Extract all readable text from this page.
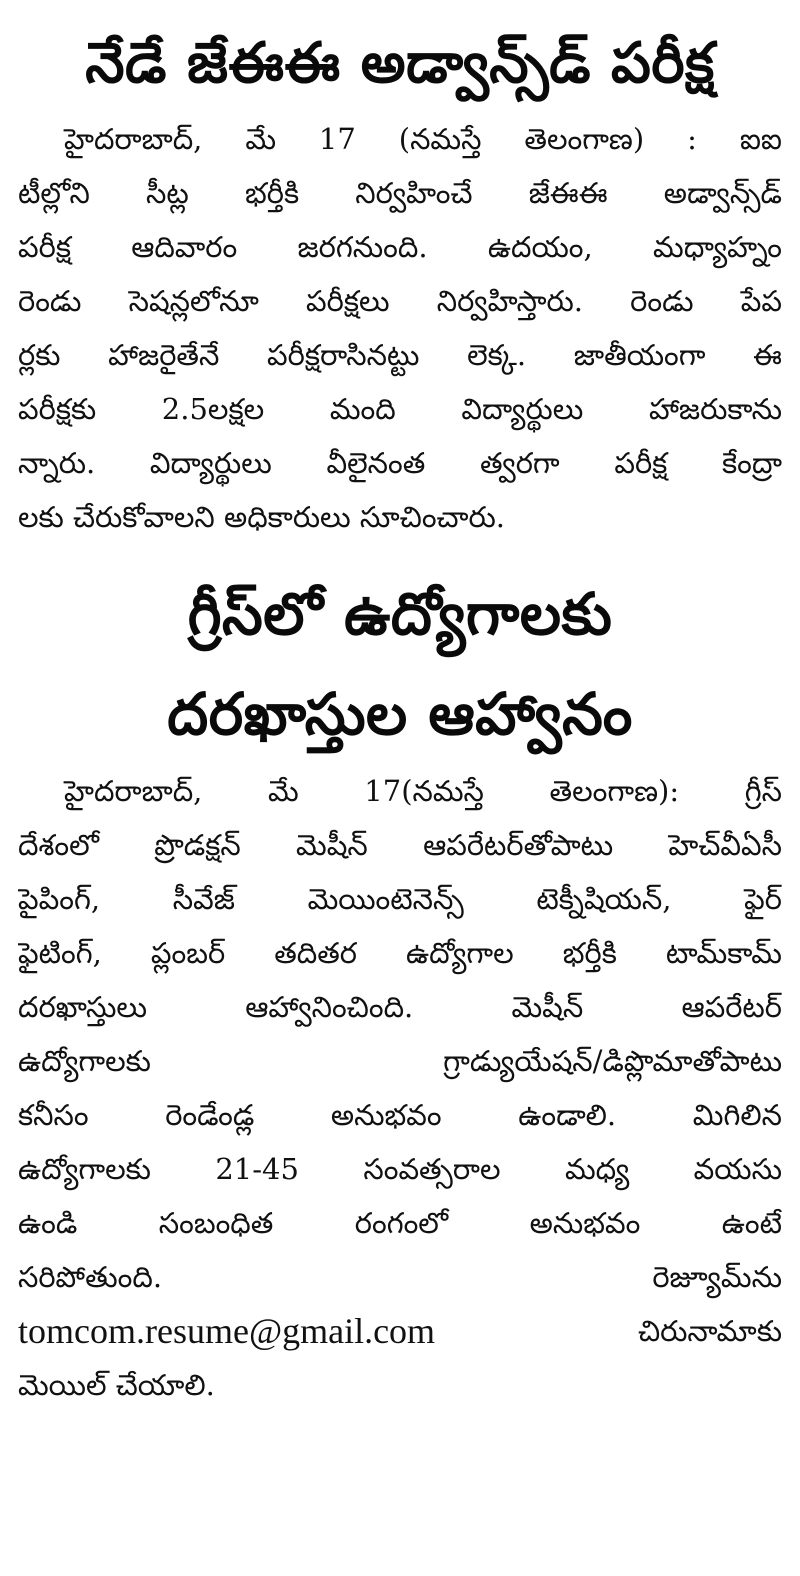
నేడే జేఈఈ అడ్వాన్స్‌డ్ పరీక్ష
హైదరాబాద్, మే 17 (నమస్తే తెలంగాణ) : ఐఐ
టీల్లోని సీట్ల భర్తీకి నిర్వహించే జేఈఈ అడ్వాన్స్‌డ్
పరీక్ష ఆదివారం జరగనుంది. ఉదయం, మధ్యాహ్నం
రెండు సెషన్లలోనూ పరీక్షలు నిర్వహిస్తారు. రెండు పేప
ర్లకు హాజరైతేనే పరీక్షరాసినట్టు లెక్క. జాతీయంగా ఈ
పరీక్షకు 2.5లక్షల మంది విద్యార్థులు హాజరుకాను
న్నారు. విద్యార్థులు వీలైనంత త్వరగా పరీక్ష కేంద్రా
లకు చేరుకోవాలని అధికారులు సూచించారు.
గ్రీస్‌లో ఉద్యోగాలకు
దరఖాస్తుల ఆహ్వానం
హైదరాబాద్, మే 17(నమస్తే తెలంగాణ): గ్రీస్
దేశంలో ప్రొడక్షన్ మెషీన్ ఆపరేటర్‌తోపాటు హెచ్‌వీఏసీ
పైపింగ్, సీవేజ్ మెయింటెనెన్స్ టెక్నీషియన్, ఫైర్
ఫైటింగ్, ప్లంబర్ తదితర ఉద్యోగాల భర్తీకి టామ్‌కామ్
దరఖాస్తులు ఆహ్వానించింది. మెషీన్ ఆపరేటర్
ఉద్యోగాలకు గ్రాడ్యుయేషన్/డిప్లొమాతోపాటు
కనీసం రెండేండ్ల అనుభవం ఉండాలి. మిగిలిన
ఉద్యోగాలకు 21-45 సంవత్సరాల మధ్య వయసు
ఉండి సంబంధిత రంగంలో అనుభవం ఉంటే
సరిపోతుంది.	రెజ్యూమ్‌ను
tomcom.resume@gmail.com	చిరునామాకు
మెయిల్ చేయాలి.
